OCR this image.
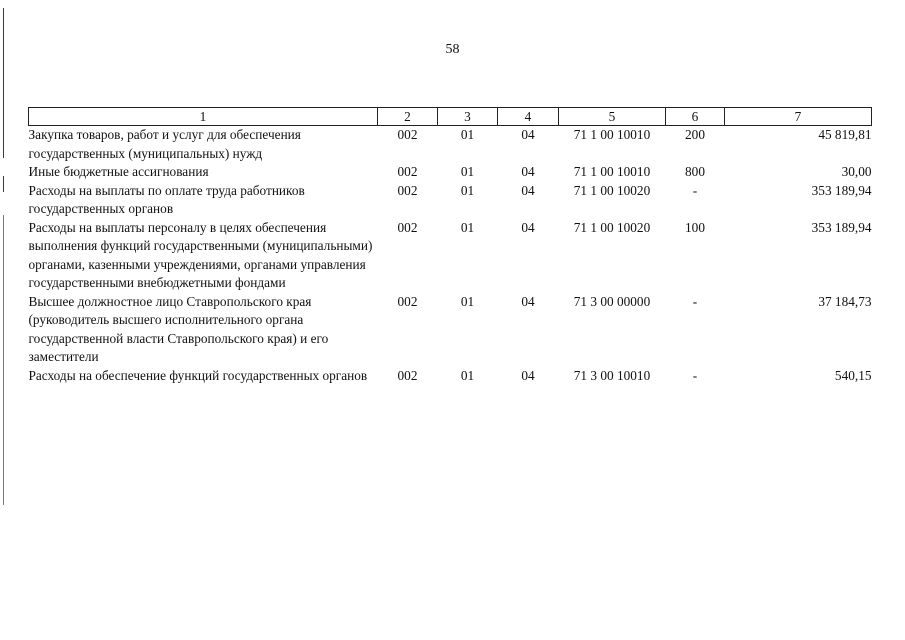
58
1	2	3	4	5	6	7
Закупка товаров, работ и услуг для обеспечения государственных (муниципальных) нужд	002	01	04	71 1 00 10010	200	45 819,81
Иные бюджетные ассигнования	002	01	04	71 1 00 10010	800	30,00
Расходы на выплаты по оплате труда работников государственных органов	002	01	04	71 1 00 10020	-	353 189,94
Расходы на выплаты персоналу в целях обеспечения выполнения функций государственными (муниципальными) органами, казенными учреждениями, органами управления государственными внебюджетными фондами	002	01	04	71 1 00 10020	100	353 189,94
Высшее должностное лицо Ставропольского края (руководитель высшего исполнительного органа государственной власти Ставропольского края) и его заместители	002	01	04	71 3 00 00000	-	37 184,73
Расходы на обеспечение функций государственных органов	002	01	04	71 3 00 10010	-	540,15
